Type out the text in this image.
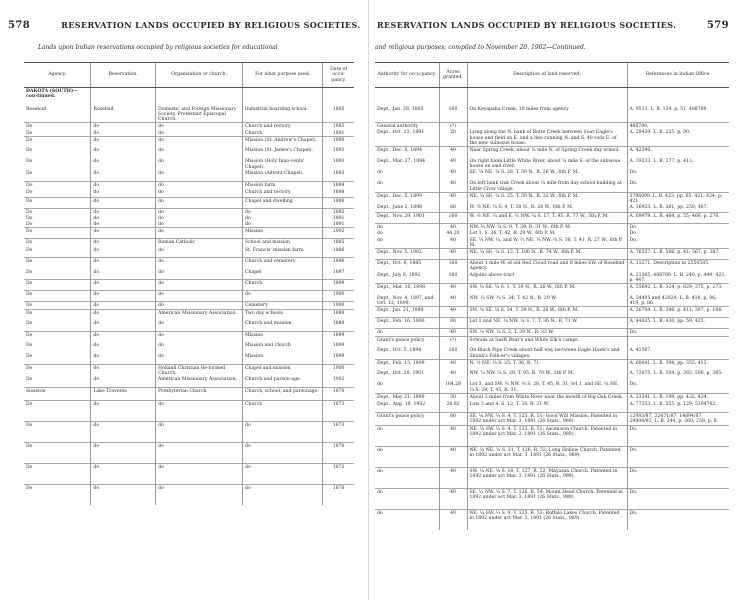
578	RESERVATION LANDS OCCUPIED BY RELIGIOUS SOCIETIES.
Lands upon Indian reservations occupied by religious societies for educational
Agency.	Reservation.	Organization or church.	For what purpose used.	Date of occu-pancy.
DAKOTA (SOUTH)—con-tinued.				
Rosebud	Rosebud	Domestic and Foreign Missionary Society, Protestant Episcopal Church.	Industrial boarding school.	1885
Do	do	do	Church and rectory	1885
Do	do	do	Church	1891
Do	do	do	Mission (St. Andrew's Chapel).	1890
Do	do	do	Mission (St. James's Chapel).	1893
Do	do	do	Mission (Holy Inno-cents' Chapel).	1893
Do	do	do	Mission (Advent Chapel).	1893
Do	do	do	Mission farm	1894
Do	do	do	Church and rectory	1898
Do	do	do	Chapel and dwelling	1896
Do	do	do	do	1892
Do	do	do	do	1891
Do	do	do	do	1891
Do	do	do	Mission	1902
Do	do	Roman Catholic	School and mission	1885
Do	do	do	St. Francis' mission farm.	1886
Do	do	do	Church and cemetery	1896
Do	do	do	Chapel	1897
Do	do	do	Church	1899
Do	do	do	do	1900
Do	do	do	Cemetery	1900
Do	do	American Missionary Association.	Two day schools	1889
Do	do	do	Church and mission	1889
Do	do	do	Mission	1899
Do	do	do	Mission and church	1899
Do	do	do	Mission	1899
Do	do	Holland Christian Re-formed Church.	Chapel and mission	1900
Do	do	American Missionary Association.	Church and parson-age.	1902
Sisseton	Lake Traverse	Presbyterian Church	Church, school, and parsonage.	1870
Do	do	do	Church	1873
Do	do	do	do	1873
Do	do	do	do	1870
Do	do	do	do	1872
Do	do	do	do	1870
RESERVATION LANDS OCCUPIED BY RELIGIOUS SOCIETIES.	579
and religious purposes; compiled to November 20, 1902—Continued.
Authority for occu-pancy.	Acres granted.	Description of land reserved.	References in Indian Office.

Dept., Jan. 28, 1885	160	On Keyapaha Creek, 10 miles from agency	A. 9513. L. B. 134, p. 51. 488789.
General authority	(?)		488789.
Dept., Oct. 13, 1891	20	Lying along the N. bank of Butte Creek between Soar Eagle's house and field on E. and a line running N. and S. 40 rods E. of the new subissue house.	A. 29439. L. B. 225, p. 90.
Dept., Dec. 8, 1894	40	Near Spring Creek, about ¼ mile N. of Spring Creek day school.	A. 42390.
Dept., Mar. 27, 1894	40	On right bank Little White River, about ¼ mile S. of the subissue house on said river.	A. 39233. L. B. 277, p. 413.
do	40	SE. ¼ NE. ¼ S. 28, T. 39 N., R. 26 W., 6th P. M.	Do.
do	40	On left bank Oak Creek about ¼ mile from day school building at Little Crow village.	Do.
Dept., Dec. 5, 1899	40	NE. ¼ SE. ¼ S. 25, T. 39 N., R. 32 W., 6th P. M.	5796099. L. B. 423, pp. 65, 421; 424, p. 421.
Dept., June 2, 1898	80	W. ½ NE. ¼ S. 4, T. 38 N., R. 28 W., 6th P. M.	A. 36923. L. B. 381, pp. 250, 487.
Dept., Nov. 29, 1901	160	W. ½ NE. ¼ and E. ½ NW. ¼ S. 17, T. 95, R. 77 W., 5th P. M.	A. 69979. L. B. 464, p. 55; 466, p. 276.
do	40	NW. ¼ NW. ¼ S. 9, T. 39, R. 31 W., 6th P. M.	Do.
do	44.20	Lot 1, S. 34, T. 42, R. 29 W., 6th P. M.	Do.
do	40	SE. ¼ NW. ¼, and W. ½ NE. ¼ NW. ¼ S. 36, T. 41, R. 27 W., 6th P. M.	Do.
Dept., Nov. 5, 1902	40	NE. ¼ SE. ¼ S. 13, T. 100 N., R. 74 W., 6th P. M.	A. 76557. L. B. 566, p. 41; 567, p. 387.
Dept., Oct. 6, 1885	160	About 1 mile W. of old Red Cloud road and 8 miles SW. of Rosebud Agency.	A. 11271. Description in 2550585.
Dept., July 8, 1892	160	Adjoins above tract	A. 21365. 488789. L. B. 240, p. 449; 423, p. 447.
Dept., Mar. 10, 1898	40	SW. ¼ SE. ¼ S. 1, T. 39 N., R. 26 W., 6th P. M.	A. 55692. L. B. 324, p. 629; 375, p. 273.
Dept., Nov. 4, 1897, and Oct. 12, 1899.	40	NW. ¼ SW. ¼ S. 34, T. 42 N., R. 29 W.	A. 54405 and 42924. L. B. 418, p. 96; 419, p. 86.
Dept., Jan. 21, 1899	40	SW. ¼ SE. ¼ S. 34, T. 39 N., R. 28 W., 6th P. M.	A. 26794. L. B. 396, p. 411; 397, p. 164.
Dept., Feb. 16, 1900	80	Lot 1 and NE. ¼ NW. ¼ S. 7, T. 36 N., R. 71 W.	A. 44025. L. B. 430, pp. 59, 425.
do	40	SW. ¼ NW. ¼ S. 2, T. 39 N., R. 33 W.	Do.
Grant's peace policy	(?)	Schools at Swift Bear's and White Elk's camps.	
Dept., Oct. 5, 1894	160	On Black Pipe Creek about half way be-tween Eagle Hawk's and Skunk's Fath-er's villages.	A. 41567.
Dept., Feb. 13, 1899	40	N. ½ NE. ¼ S. 25, T. 36, R. 71.	A. 60041. L. B. 398, pp. 355, 413.
Dept., Oct. 28, 1901	40	NW. ¼ NW. ¼ S. 29, T. 95, R. 70 W., 5th P. M.	A. 72875. L. B. 504, p. 282; 506, p. 365.
do	164.28	Lot 3, and SW. ¼ NW. ¼ S. 28, T. 45, R. 31; lot 1, and SE. ¼ NE. ¼ S. 29, T. 45, R. 31.	Do.
Dept., May 21, 1890	30	About 3 miles from White River near the mouth of Big Oak Creek.	A. 23341. L. B. 199, pp. 432, 434.
Dept., Aug. 19, 1902	26.92	Lots 3 and 4, S. 12, T. 38, R. 31 W.	A. 77353. L. B. 555, p. 129; 5294702.
Grant's peace policy	80	SE. ¼ NW. ¼ S. 4, T. 125, R. 51; Good Will Mission. Patented in 1892 under act Mar. 3, 1891 (26 Stats., 989).	12983/87, 22471/87, 14694/87, 29898/92, L. B. 244, p. 260; 259, p. 6.
do	40	NE. ¼ SW. ¼ S. 4, T. 123, R. 51; Ascension Church. Patented in 1892 under act Mar. 3, 1891 (26 Stats., 989).	Do.
do	40	NE. ¼ NE. ¼ S. 21, T. 126, R. 52; Long Hollow Church. Patented in 1892 under act Mar. 3, 1891 (26 Stats., 989).	Do.
do	40	SW. ¼ NE. ¼ S. 18, T. 127, R. 52, Mayasan Church. Patented in 1892 under act Mar. 3, 1891 (26 Stats., 989).	Do.
do	40	SE. ¼ NW. ¼ S. 7, T. 126, R. 54; Mount Head Church. Patented in 1892 under act Mar. 3, 1891 (26 Stats., 989).	Do.
do	40	NE. ¼ SW. ¼ S. 9, T. 125, R. 53; Buffalo Lakes Church. Patented in 1892 under act Mar. 3, 1891 (26 Stats., 989).	Do.
